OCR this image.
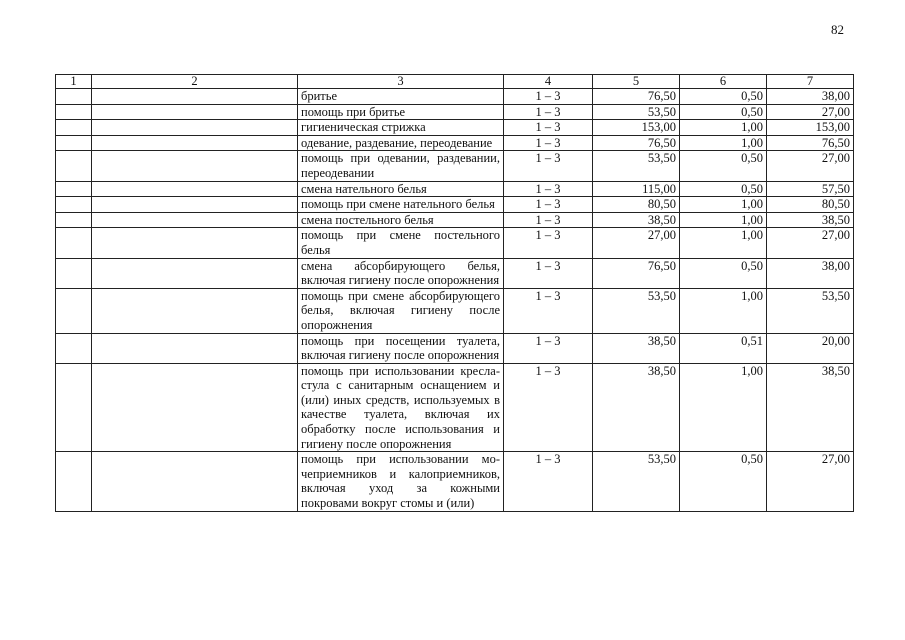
82
1	2	3	4	5	6	7
		бритье	1 – 3	76,50	0,50	38,00
		помощь при бритье	1 – 3	53,50	0,50	27,00
		гигиеническая стрижка	1 – 3	153,00	1,00	153,00
		одевание, раздевание, переодевание	1 – 3	76,50	1,00	76,50
		помощь при одевании, раздевании, переодевании	1 – 3	53,50	0,50	27,00
		смена нательного белья	1 – 3	115,00	0,50	57,50
		помощь при смене нательного белья	1 – 3	80,50	1,00	80,50
		смена постельного белья	1 – 3	38,50	1,00	38,50
		помощь при смене постельного белья	1 – 3	27,00	1,00	27,00
		смена абсорбирующего белья, включая гигиену после опорожнения	1 – 3	76,50	0,50	38,00
		помощь при смене абсорбирующего белья, включая гигиену после опорожнения	1 – 3	53,50	1,00	53,50
		помощь при посещении туалета, включая гигиену после опорожнения	1 – 3	38,50	0,51	20,00
		помощь при использовании кресла-стула с санитарным оснащением и (или) иных средств, используемых в качестве туалета, включая их обработку после использования и гигиену после опорожнения	1 – 3	38,50	1,00	38,50
		помощь при использовании мочеприемников и калоприемников, включая уход за кожными покровами вокруг стомы и (или)	1 – 3	53,50	0,50	27,00
